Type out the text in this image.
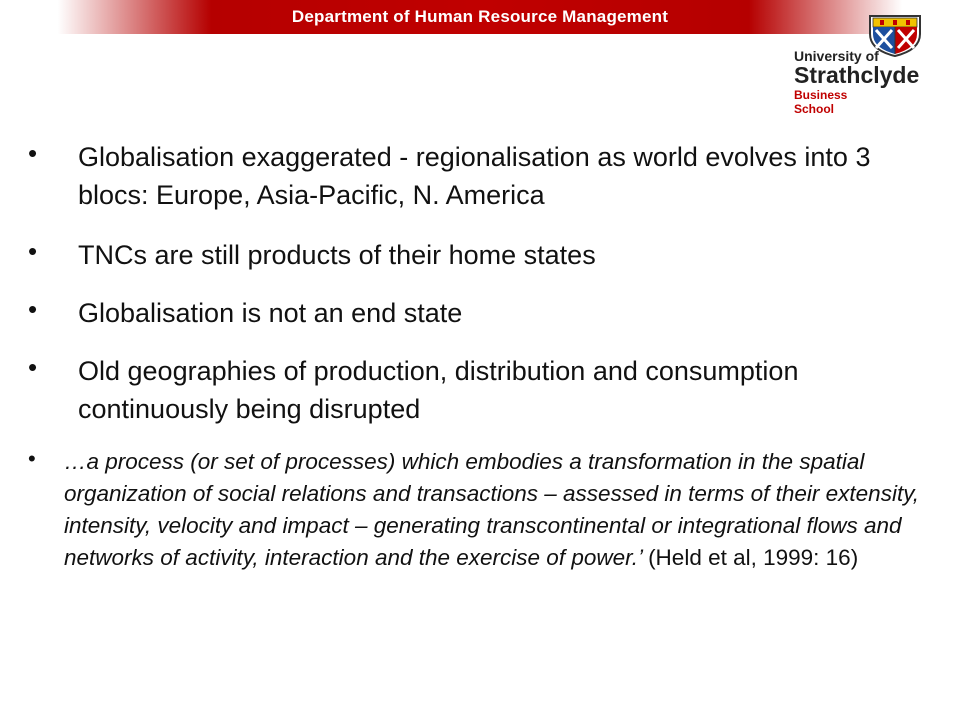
Department of Human Resource Management
University of
Strathclyde
Business
School
• Globalisation exaggerated - regionalisation as world evolves into 3 blocs: Europe, Asia-Pacific, N. America
• TNCs are still products of their home states
• Globalisation is not an end state
• Old geographies of production, distribution and consumption continuously being disrupted
• …a process (or set of processes) which embodies a transformation in the spatial organization of social relations and transactions – assessed in terms of their extensity, intensity, velocity and impact – generating transcontinental or integrational flows and networks of activity, interaction and the exercise of power.’ (Held et al, 1999: 16)
